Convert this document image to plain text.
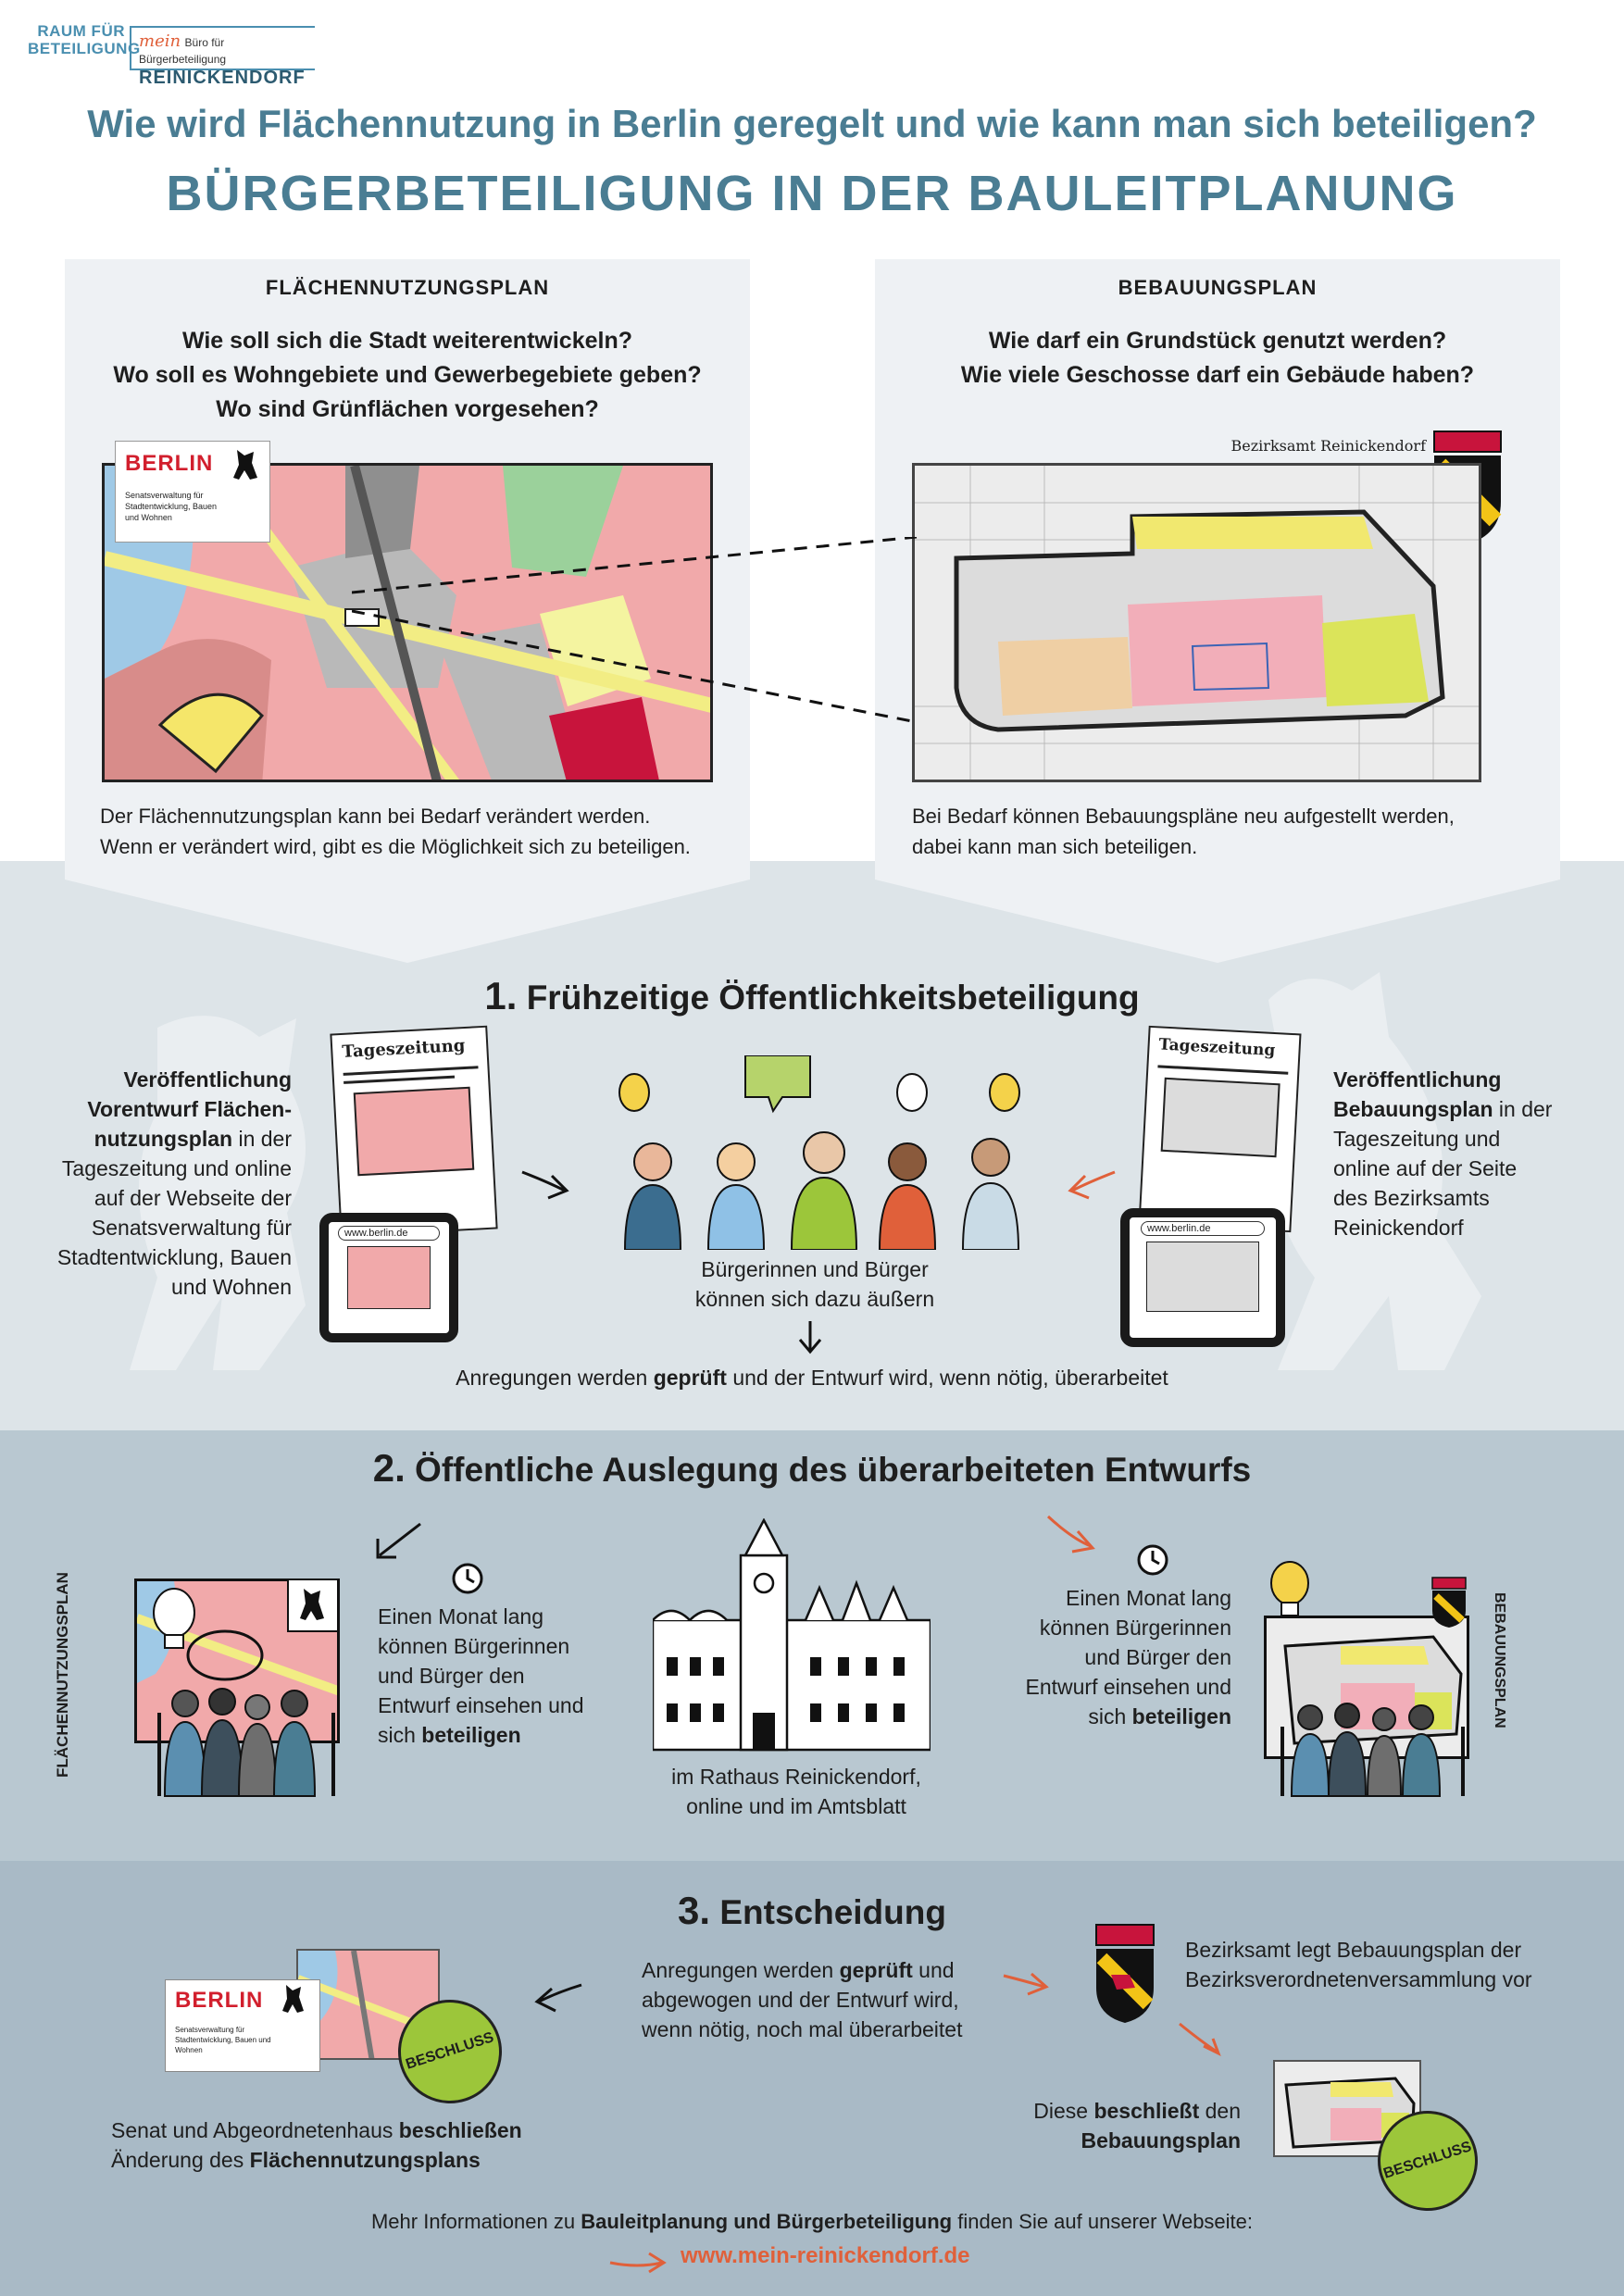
RAUM FÜR BETEILIGUNG
mein Büro für Bürgerbeteiligung
REINICKENDORF
Wie wird Flächennutzung in Berlin geregelt und wie kann man sich beteiligen?
BÜRGERBETEILIGUNG IN DER BAULEITPLANUNG
FLÄCHENNUTZUNGSPLAN
Wie soll sich die Stadt weiterentwickeln?
Wo soll es Wohngebiete und Gewerbegebiete geben?
Wo sind Grünflächen vorgesehen?
BERLIN
Senatsverwaltung für Stadtentwicklung, Bauen und Wohnen
Der Flächennutzungsplan kann bei Bedarf verändert werden.
Wenn er verändert wird, gibt es die Möglichkeit sich zu beteiligen.
BEBAUUNGSPLAN
Wie darf ein Grundstück genutzt werden?
Wie viele Geschosse darf ein Gebäude haben?
Bezirksamt Reinickendorf
Bei Bedarf können Bebauungspläne neu aufgestellt werden,
dabei kann man sich beteiligen.
1. Frühzeitige Öffentlichkeitsbeteiligung
Veröffentlichung Vorentwurf Flächen-nutzungsplan in der Tageszeitung und online auf der Webseite der Senatsverwaltung für Stadtentwicklung, Bauen und Wohnen
Tageszeitung
www.berlin.de
Bürgerinnen und Bürger
können sich dazu äußern
Tageszeitung
www.berlin.de
Veröffentlichung Bebauungsplan in der Tageszeitung und online auf der Seite des Bezirksamts Reinickendorf
Anregungen werden geprüft und der Entwurf wird, wenn nötig, überarbeitet
2. Öffentliche Auslegung des überarbeiteten Entwurfs
FLÄCHENNUTZUNGSPLAN	Einen Monat lang können Bürgerinnen und Bürger den Entwurf einsehen und sich beteiligen
im Rathaus Reinickendorf,
online und im Amtsblatt
Einen Monat lang können Bürgerinnen und Bürger den Entwurf einsehen und sich beteiligen	BEBAUUNGSPLAN
3. Entscheidung
BERLIN
Senatsverwaltung für Stadtentwicklung, Bauen und Wohnen	BESCHLUSS
Senat und Abgeordnetenhaus beschließen
Änderung des Flächennutzungsplans
Anregungen werden geprüft und abgewogen und der Entwurf wird, wenn nötig, noch mal überarbeitet
Bezirksamt legt Bebauungsplan der
Bezirksverordnetenversammlung vor
BESCHLUSS
Diese beschließt den
Bebauungsplan
Mehr Informationen zu Bauleitplanung und Bürgerbeteiligung finden Sie auf unserer Webseite:
www.mein-reinickendorf.de
